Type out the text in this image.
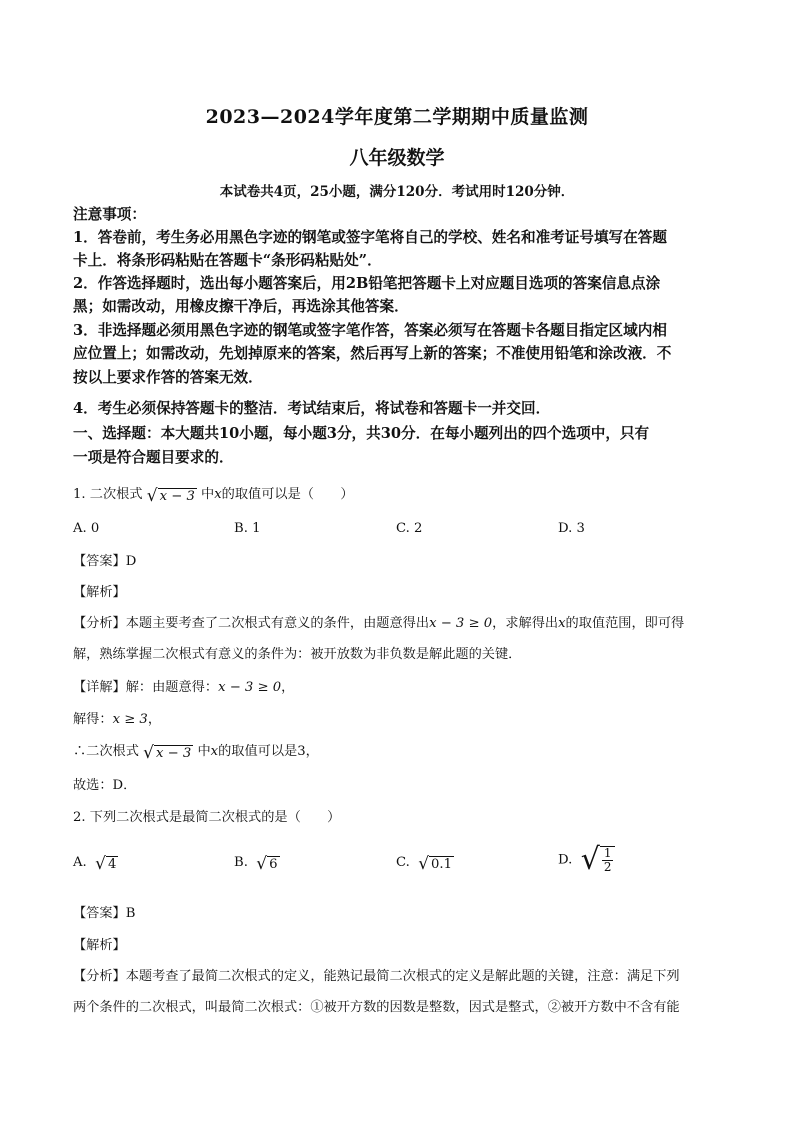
2023—2024学年度第二学期期中质量监测
八年级数学
本试卷共4页，25小题，满分120分．考试用时120分钟．
注意事项：
1．答卷前，考生务必用黑色字迹的钢笔或签字笔将自己的学校、姓名和准考证号填写在答题
卡上．将条形码粘贴在答题卡“条形码粘贴处”．
2．作答选择题时，选出每小题答案后，用2B铅笔把答题卡上对应题目选项的答案信息点涂
黑；如需改动，用橡皮擦干净后，再选涂其他答案．
3．非选择题必须用黑色字迹的钢笔或签字笔作答，答案必须写在答题卡各题目指定区域内相
应位置上；如需改动，先划掉原来的答案，然后再写上新的答案；不准使用铅笔和涂改液．不
按以上要求作答的答案无效．
4．考生必须保持答题卡的整洁．考试结束后，将试卷和答题卡一并交回．
一、选择题：本大题共10小题，每小题3分，共30分．在每小题列出的四个选项中，只有
一项是符合题目要求的．
1. 二次根式 √ x − 3 中x的取值可以是（　　）
A. 0	B. 1	C. 2	D. 3
【答案】D
【解析】
【分析】本题主要考查了二次根式有意义的条件，由题意得出x − 3 ≥ 0，求解得出x的取值范围，即可得
解，熟练掌握二次根式有意义的条件为：被开放数为非负数是解此题的关键．
【详解】解：由题意得：x − 3 ≥ 0，
解得：x ≥ 3，
∴二次根式 √ x − 3 中x的取值可以是3，
故选：D．
2. 下列二次根式是最简二次根式的是（　　）
A. √ 4	B. √ 6	C. √ 0.1	D. √ $\frac{1}{2}$
【答案】B
【解析】
【分析】本题考查了最简二次根式的定义，能熟记最简二次根式的定义是解此题的关键，注意：满足下列
两个条件的二次根式，叫最简二次根式：①被开方数的因数是整数，因式是整式，②被开方数中不含有能
